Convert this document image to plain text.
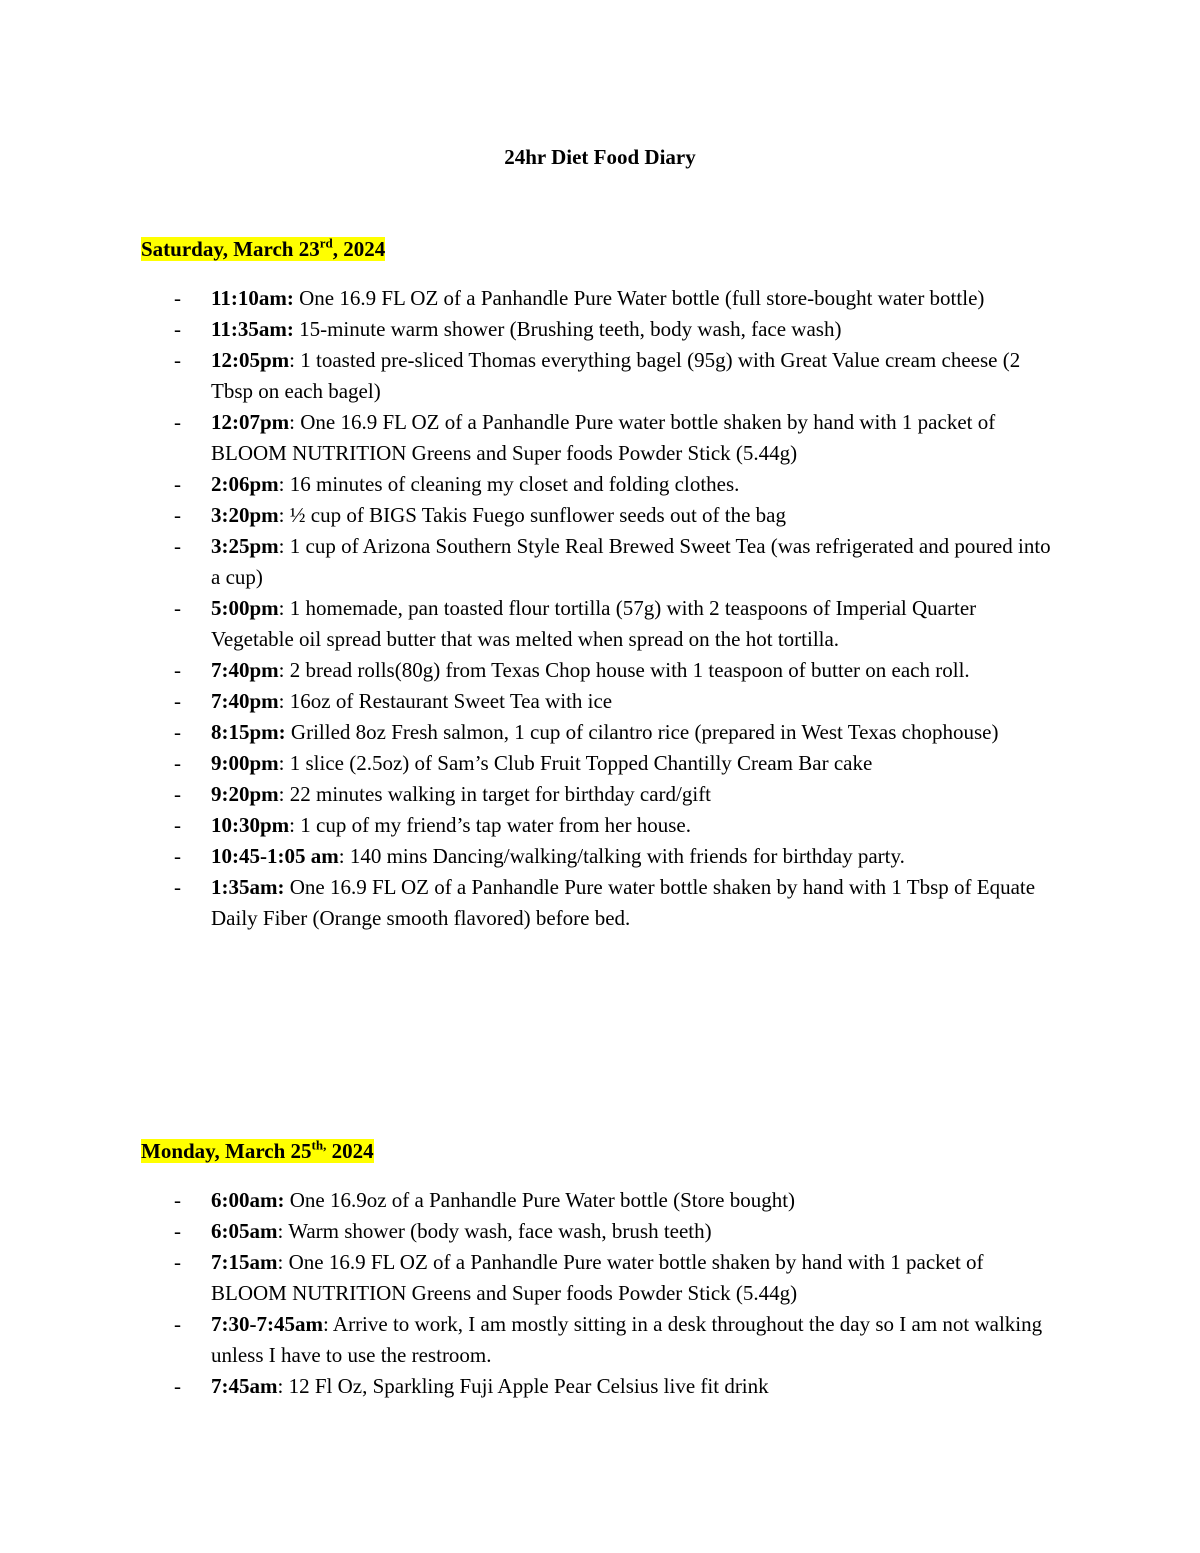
24hr Diet Food Diary
Saturday, March 23rd, 2024
- 11:10am: One 16.9 FL OZ of a Panhandle Pure Water bottle (full store-bought water bottle)
- 11:35am: 15-minute warm shower (Brushing teeth, body wash, face wash)
- 12:05pm: 1 toasted pre-sliced Thomas everything bagel (95g) with Great Value cream cheese (2 Tbsp on each bagel)
- 12:07pm: One 16.9 FL OZ of a Panhandle Pure water bottle shaken by hand with 1 packet of BLOOM NUTRITION Greens and Super foods Powder Stick (5.44g)
- 2:06pm: 16 minutes of cleaning my closet and folding clothes.
- 3:20pm: ½ cup of BIGS Takis Fuego sunflower seeds out of the bag
- 3:25pm: 1 cup of Arizona Southern Style Real Brewed Sweet Tea (was refrigerated and poured into a cup)
- 5:00pm: 1 homemade, pan toasted flour tortilla (57g) with 2 teaspoons of Imperial Quarter Vegetable oil spread butter that was melted when spread on the hot tortilla.
- 7:40pm: 2 bread rolls(80g) from Texas Chop house with 1 teaspoon of butter on each roll.
- 7:40pm: 16oz of Restaurant Sweet Tea with ice
- 8:15pm: Grilled 8oz Fresh salmon, 1 cup of cilantro rice (prepared in West Texas chophouse)
- 9:00pm: 1 slice (2.5oz) of Sam’s Club Fruit Topped Chantilly Cream Bar cake
- 9:20pm: 22 minutes walking in target for birthday card/gift
- 10:30pm: 1 cup of my friend’s tap water from her house.
- 10:45-1:05 am: 140 mins Dancing/walking/talking with friends for birthday party.
- 1:35am: One 16.9 FL OZ of a Panhandle Pure water bottle shaken by hand with 1 Tbsp of Equate Daily Fiber (Orange smooth flavored) before bed.
Monday, March $25^{th,}$ 2024
- 6:00am: One 16.9oz of a Panhandle Pure Water bottle (Store bought)
- 6:05am: Warm shower (body wash, face wash, brush teeth)
- 7:15am: One 16.9 FL OZ of a Panhandle Pure water bottle shaken by hand with 1 packet of BLOOM NUTRITION Greens and Super foods Powder Stick (5.44g)
- 7:30-7:45am: Arrive to work, I am mostly sitting in a desk throughout the day so I am not walking unless I have to use the restroom.
- 7:45am: 12 Fl Oz, Sparkling Fuji Apple Pear Celsius live fit drink
